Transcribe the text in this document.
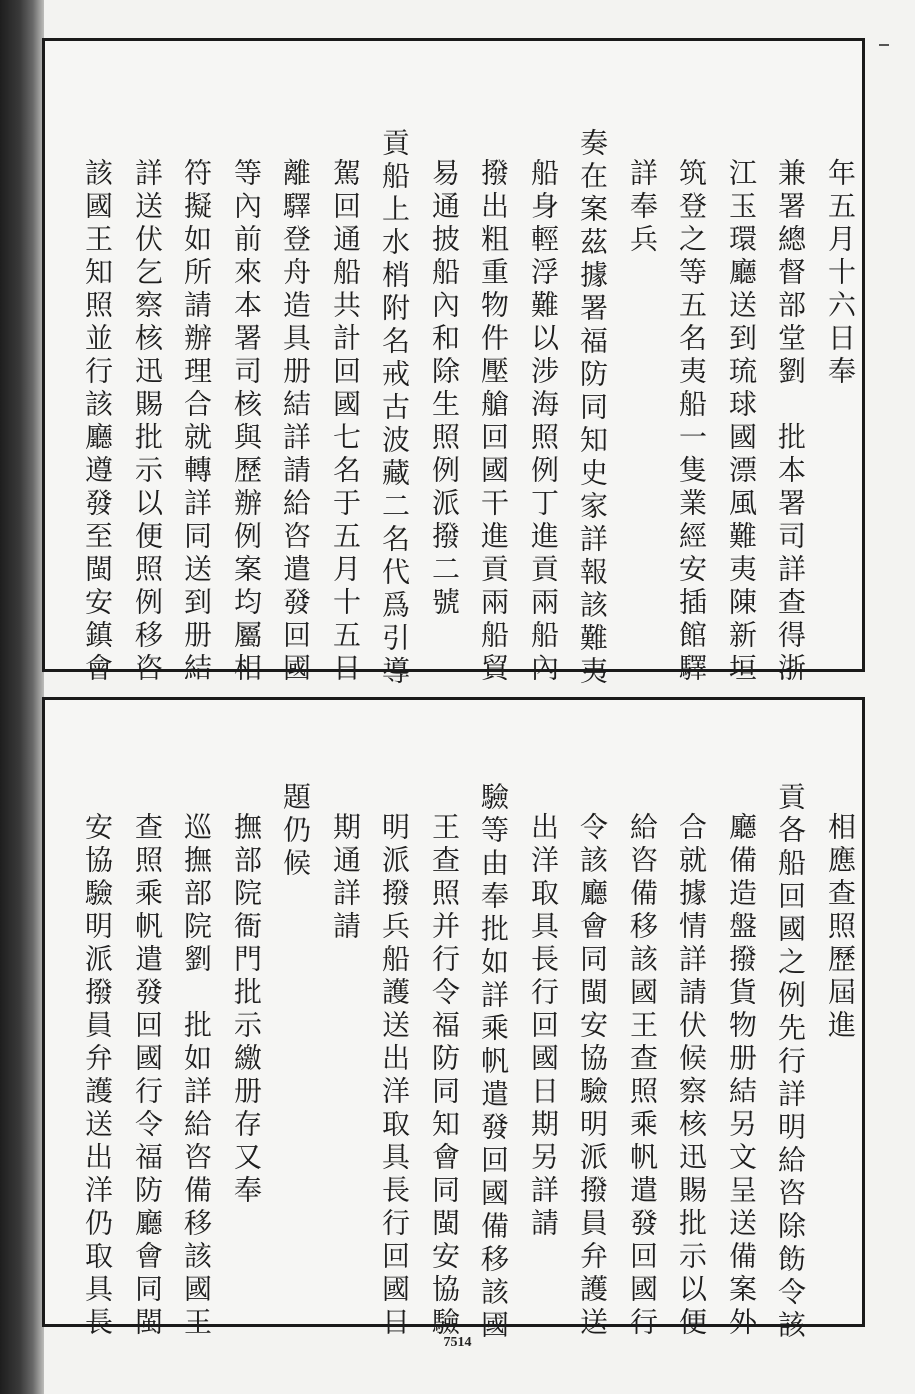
年五月十六日奉
兼署總督部堂劉　批本署司詳查得浙
江玉環廳送到琉球國漂風難夷陳新垣
筑登之等五名夷船一隻業經安插館驛
詳奉兵
奏在案茲據署福防同知史家詳報該難夷
船身輕浮難以涉海照例丁進貢兩船內
撥出粗重物件壓艙回國干進貢兩船貿
易通披船內和除生照例派撥二號
貢船上水梢附名戒古波藏二名代爲引導
駕回通船共計回國七名于五月十五日
離驛登舟造具册結詳請給咨遣發回國
等內前來本署司核與歷辦例案均屬相
符擬如所請辦理合就轉詳同送到册結
詳送伏乞察核迅賜批示以便照例移咨
該國王知照並行該廳遵發至閩安鎮會
相應查照歷屆進
貢各船回國之例先行詳明給咨除飭令該
廳備造盤撥貨物册結另文呈送備案外
合就據情詳請伏候察核迅賜批示以便
給咨備移該國王查照乘帆遣發回國行
令該廳會同閩安協驗明派撥員弁護送
出洋取具長行回國日期另詳請
驗等由奉批如詳乘帆遣發回國備移該國
王查照并行令福防同知會同閩安協驗
明派撥兵船護送出洋取具長行回國日
期通詳請
題仍候
撫部院衙門批示繳册存又奉
巡撫部院劉　批如詳給咨備移該國王
查照乘帆遣發回國行令福防廳會同閩
安協驗明派撥員弁護送出洋仍取具長
7514
